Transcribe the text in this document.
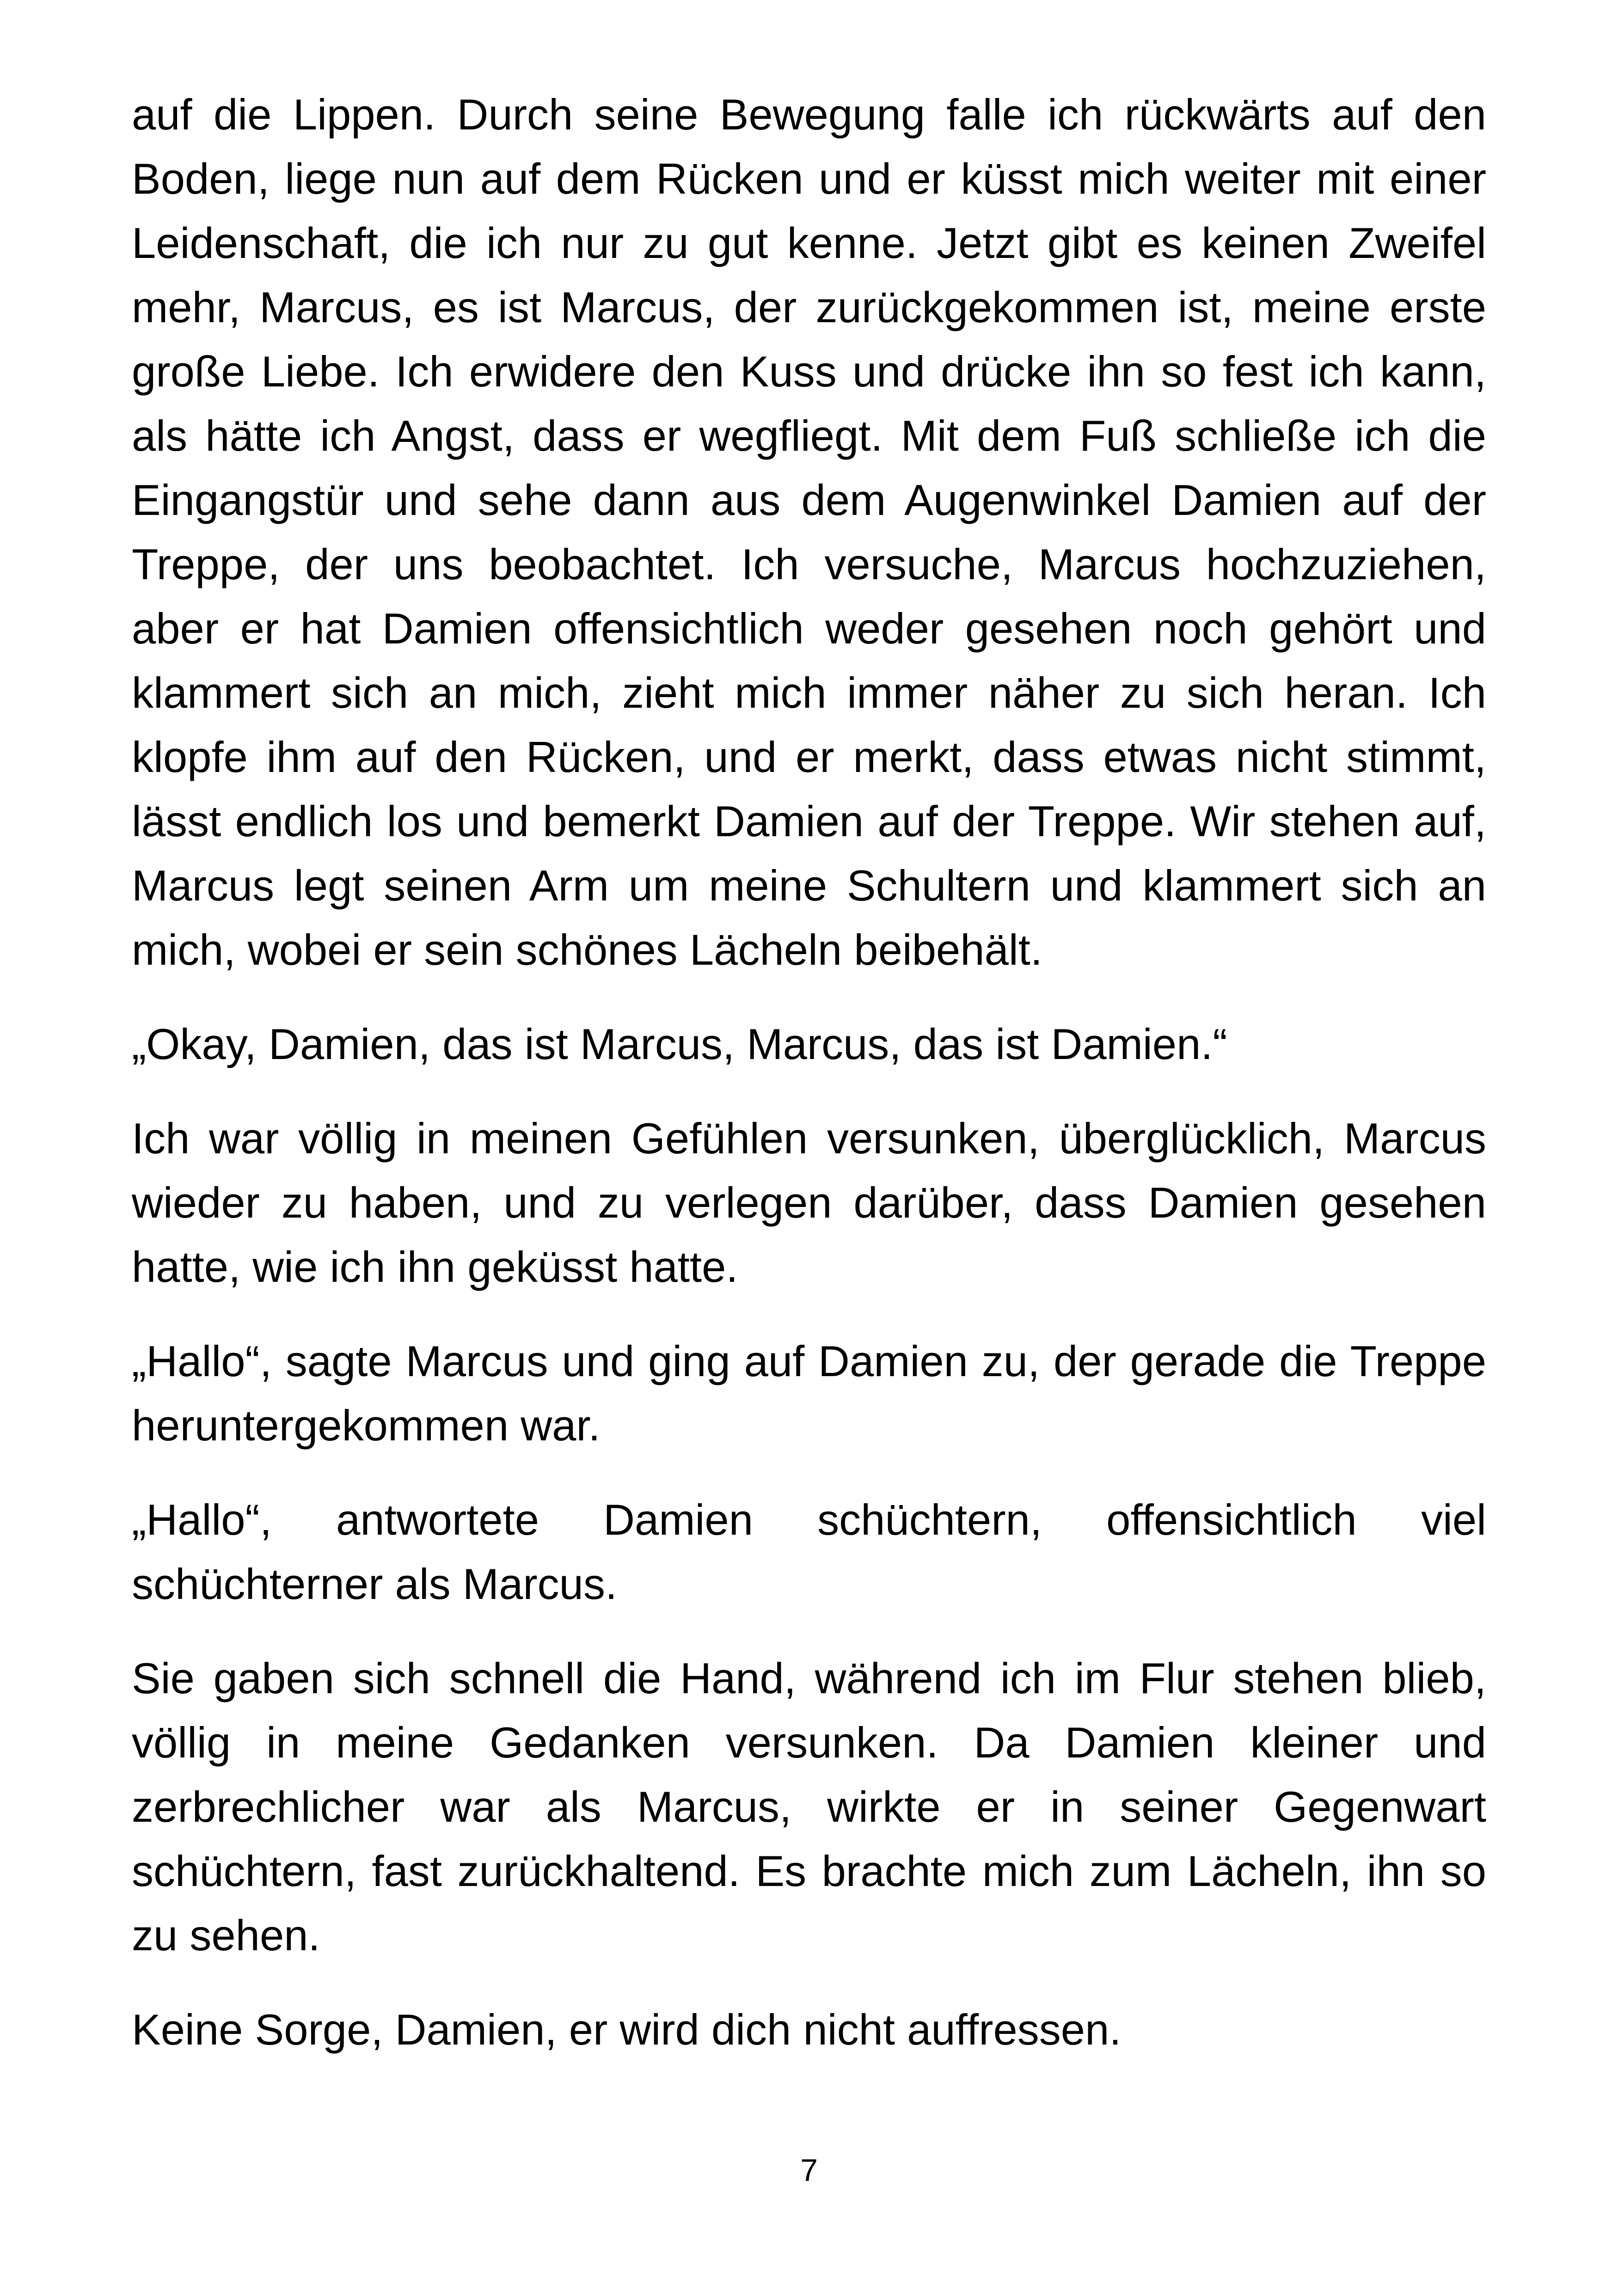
auf die Lippen. Durch seine Bewegung falle ich rückwärts auf den Boden, liege nun auf dem Rücken und er küsst mich weiter mit einer Leidenschaft, die ich nur zu gut kenne. Jetzt gibt es keinen Zweifel mehr, Marcus, es ist Marcus, der zurückgekommen ist, meine erste große Liebe. Ich erwidere den Kuss und drücke ihn so fest ich kann, als hätte ich Angst, dass er wegfliegt. Mit dem Fuß schließe ich die Eingangstür und sehe dann aus dem Augenwinkel Damien auf der Treppe, der uns beobachtet. Ich versuche, Marcus hochzuziehen, aber er hat Damien offensichtlich weder gesehen noch gehört und klammert sich an mich, zieht mich immer näher zu sich heran. Ich klopfe ihm auf den Rücken, und er merkt, dass etwas nicht stimmt, lässt endlich los und bemerkt Damien auf der Treppe. Wir stehen auf, Marcus legt seinen Arm um meine Schultern und klammert sich an mich, wobei er sein schönes Lächeln beibehält.

„Okay, Damien, das ist Marcus, Marcus, das ist Damien.“

Ich war völlig in meinen Gefühlen versunken, überglücklich, Marcus wieder zu haben, und zu verlegen darüber, dass Damien gesehen hatte, wie ich ihn geküsst hatte.

„Hallo“, sagte Marcus und ging auf Damien zu, der gerade die Treppe heruntergekommen war.

„Hallo“, antwortete Damien schüchtern, offensichtlich viel schüchterner als Marcus.

Sie gaben sich schnell die Hand, während ich im Flur stehen blieb, völlig in meine Gedanken versunken. Da Damien kleiner und zerbrechlicher war als Marcus, wirkte er in seiner Gegenwart schüchtern, fast zurückhaltend. Es brachte mich zum Lächeln, ihn so zu sehen.

Keine Sorge, Damien, er wird dich nicht auffressen.

7
